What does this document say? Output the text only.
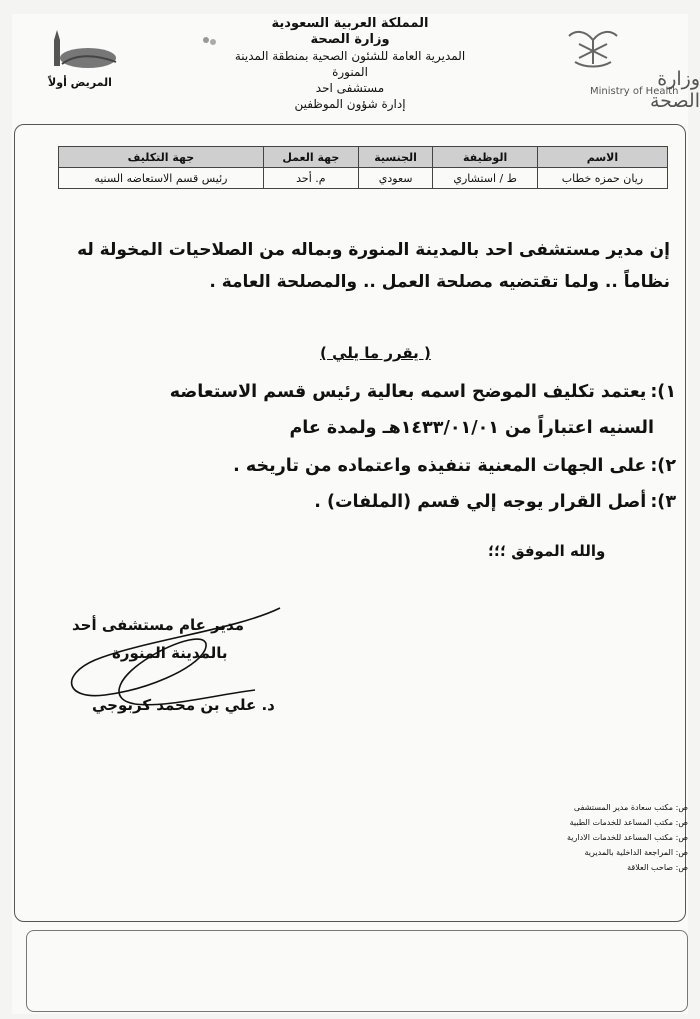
وزارة الصحة
Ministry of Health
المملكة العربية السعودية
وزارة الصحة
المديرية العامة للشئون الصحية بمنطقة المدينة المنورة
مستشفى احد
إدارة شؤون الموظفين
المريض أولاً
الاسم	الوظيفة	الجنسية	جهة العمل	جهة التكليف
ريان حمزه خطاب	ط / استشاري	سعودي	م. أحد	رئيس قسم الاستعاضه السنيه
إن مدير مستشفى احد بالمدينة المنورة وبماله من الصلاحيات المخولة له
نظاماً .. ولما تقتضيه مصلحة العمل .. والمصلحة العامة .
( يقرر ما يلي )
١):يعتمد تكليف الموضح اسمه بعالية رئيس قسم الاستعاضه
السنيه اعتباراً من ١٤٣٣/٠١/٠١هـ ولمدة عام
٢):على الجهات المعنية تنفيذه واعتماده من تاريخه .
٣):أصل القرار يوجه إلي قسم (الملفات) .
والله الموفق ؛؛؛
مدير عام مستشفى أحد
بالمدينة المنورة
د. علي بن محمد كربوجي
ص: مكتب سعادة مدير المستشفى
ص: مكتب المساعد للخدمات الطبية
ص: مكتب المساعد للخدمات الادارية
ص: المراجعة الداخلية بالمديرية
ص: صاحب العلاقة
